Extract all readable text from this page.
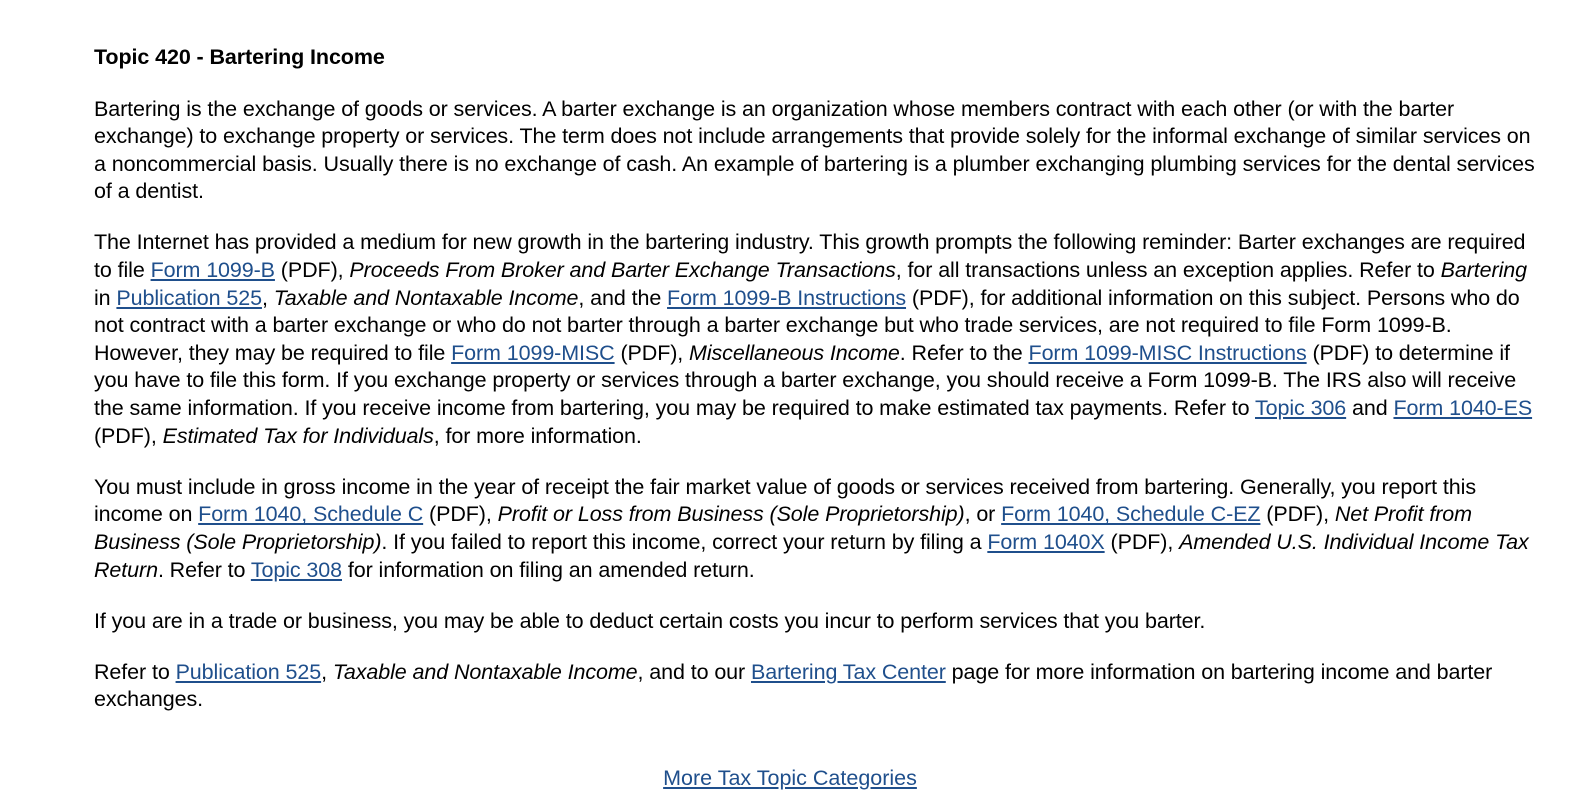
Topic 420 - Bartering Income

Bartering is the exchange of goods or services. A barter exchange is an organization whose members contract with each other (or with the barter exchange) to exchange property or services. The term does not include arrangements that provide solely for the informal exchange of similar services on a noncommercial basis. Usually there is no exchange of cash. An example of bartering is a plumber exchanging plumbing services for the dental services of a dentist.

The Internet has provided a medium for new growth in the bartering industry. This growth prompts the following reminder: Barter exchanges are required to file Form 1099-B (PDF), Proceeds From Broker and Barter Exchange Transactions, for all transactions unless an exception applies. Refer to Bartering in Publication 525, Taxable and Nontaxable Income, and the Form 1099-B Instructions (PDF), for additional information on this subject. Persons who do not contract with a barter exchange or who do not barter through a barter exchange but who trade services, are not required to file Form 1099-B. However, they may be required to file Form 1099-MISC (PDF), Miscellaneous Income. Refer to the Form 1099-MISC Instructions (PDF) to determine if you have to file this form. If you exchange property or services through a barter exchange, you should receive a Form 1099-B. The IRS also will receive the same information. If you receive income from bartering, you may be required to make estimated tax payments. Refer to Topic 306 and Form 1040-ES (PDF), Estimated Tax for Individuals, for more information.

You must include in gross income in the year of receipt the fair market value of goods or services received from bartering. Generally, you report this income on Form 1040, Schedule C (PDF), Profit or Loss from Business (Sole Proprietorship), or Form 1040, Schedule C-EZ (PDF), Net Profit from Business (Sole Proprietorship). If you failed to report this income, correct your return by filing a Form 1040X (PDF), Amended U.S. Individual Income Tax Return. Refer to Topic 308 for information on filing an amended return.

If you are in a trade or business, you may be able to deduct certain costs you incur to perform services that you barter.

Refer to Publication 525, Taxable and Nontaxable Income, and to our Bartering Tax Center page for more information on bartering income and barter exchanges.

More Tax Topic Categories
